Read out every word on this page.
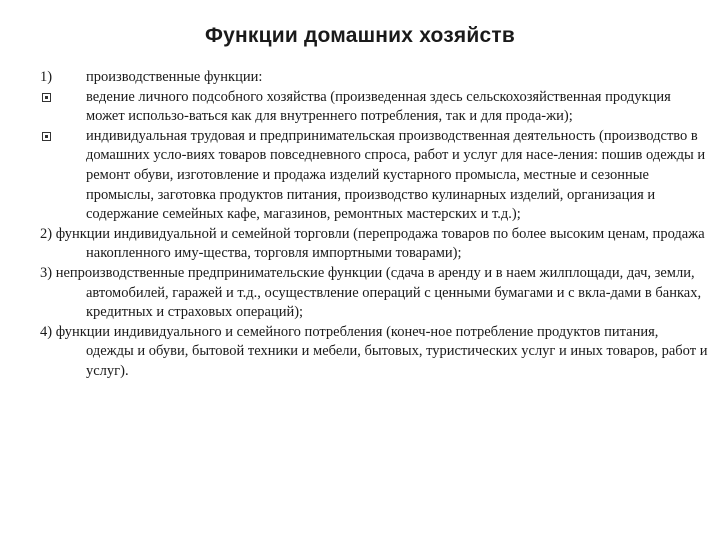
Функции домашних хозяйств

1) производственные функции:

ведение личного подсобного хозяйства (произведенная здесь сельскохозяйственная продукция может использо-ваться как для внутреннего потребления, так и для прода-жи);

индивидуальная трудовая и предпринимательская производственная деятельность (производство в домашних усло-виях товаров повседневного спроса, работ и услуг для насе-ления: пошив одежды и ремонт обуви, изготовление и продажа изделий кустарного промысла, местные и сезонные промыслы, заготовка продуктов питания, производство кулинарных изделий, организация и содержание семейных кафе, магазинов, ремонтных мастерских и т.д.);

2) функции индивидуальной и семейной торговли (перепродажа товаров по более высоким ценам, продажа накопленного иму-щества, торговля импортными товарами);

3) непроизводственные предпринимательские функции (сдача в аренду и в наем жилплощади, дач, земли, автомобилей, гаражей и т.д., осуществление операций с ценными бумагами и с вкла-дами в банках, кредитных и страховых операций);

4) функции индивидуального и семейного потребления (конеч-ное потребление продуктов питания, одежды и обуви, бытовой техники и мебели, бытовых, туристических услуг и иных товаров, работ и услуг).
